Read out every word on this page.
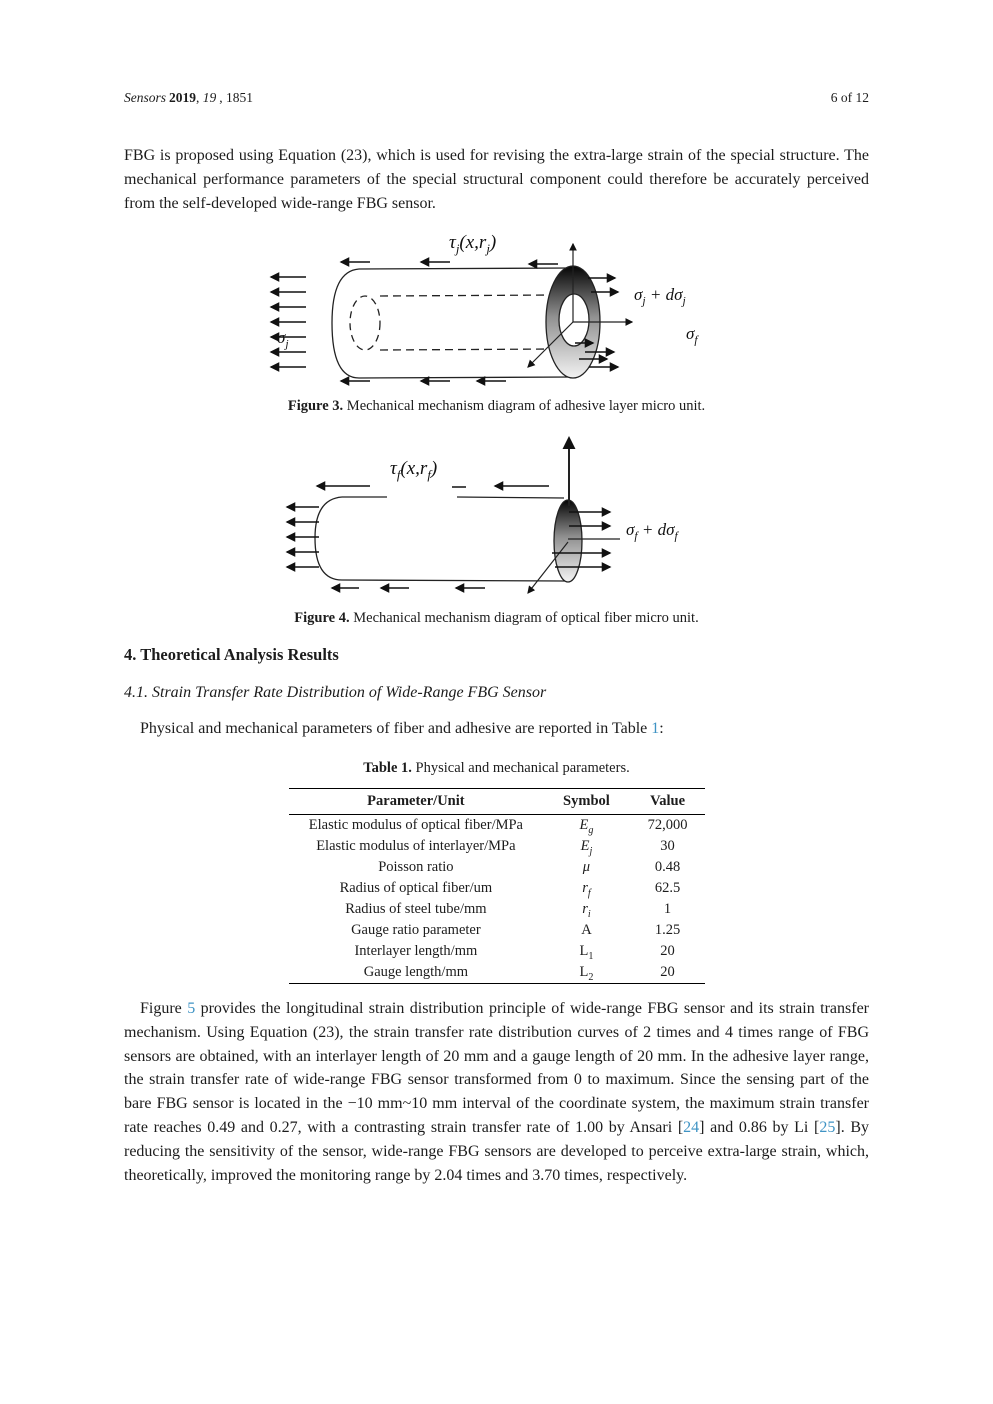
Sensors 2019, 19 , 1851	6 of 12

FBG is proposed using Equation (23), which is used for revising the extra-large strain of the special structure. The mechanical performance parameters of the special structural component could therefore be accurately perceived from the self-developed wide-range FBG sensor.

$\tau_j(x,r_j)$
$\sigma_j$
$\sigma_j + d\sigma_j$
$\sigma_f$

Figure 3. Mechanical mechanism diagram of adhesive layer micro unit.

$\tau_f(x,r_f)$
$\sigma_f + d\sigma_f$

Figure 4. Mechanical mechanism diagram of optical fiber micro unit.

4. Theoretical Analysis Results
4.1. Strain Transfer Rate Distribution of Wide-Range FBG Sensor

Physical and mechanical parameters of fiber and adhesive are reported in Table 1:

Table 1. Physical and mechanical parameters.

Parameter/Unit	Symbol	Value
Elastic modulus of optical fiber/MPa	$E_g$	72,000
Elastic modulus of interlayer/MPa	$E_j$	30
Poisson ratio	μ	0.48
Radius of optical fiber/um	$r_f$	62.5
Radius of steel tube/mm	$r_i$	1
Gauge ratio parameter	A	1.25
Interlayer length/mm	$L_1$	20
Gauge length/mm	$L_2$	20

Figure 5 provides the longitudinal strain distribution principle of wide-range FBG sensor and its strain transfer mechanism. Using Equation (23), the strain transfer rate distribution curves of 2 times and 4 times range of FBG sensors are obtained, with an interlayer length of 20 mm and a gauge length of 20 mm. In the adhesive layer range, the strain transfer rate of wide-range FBG sensor transformed from 0 to maximum. Since the sensing part of the bare FBG sensor is located in the −10 mm~10 mm interval of the coordinate system, the maximum strain transfer rate reaches 0.49 and 0.27, with a contrasting strain transfer rate of 1.00 by Ansari [24] and 0.86 by Li [25]. By reducing the sensitivity of the sensor, wide-range FBG sensors are developed to perceive extra-large strain, which, theoretically, improved the monitoring range by 2.04 times and 3.70 times, respectively.
